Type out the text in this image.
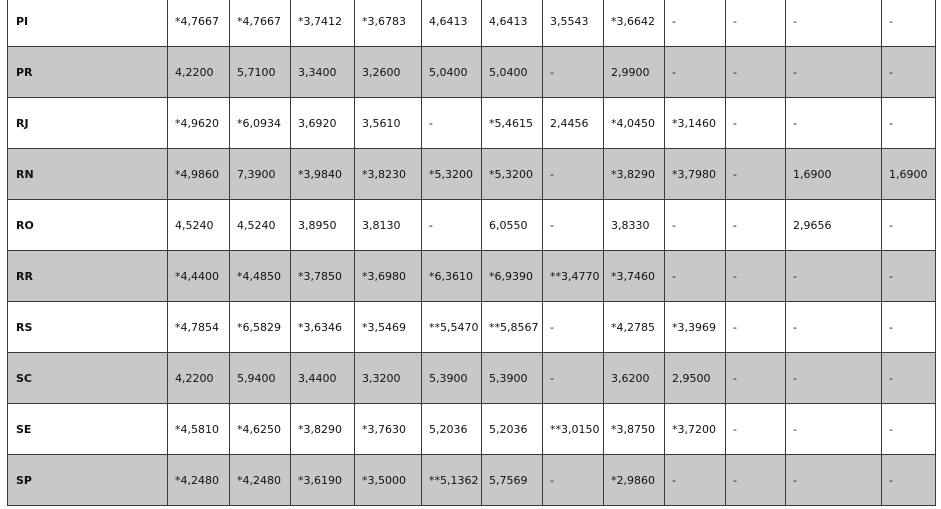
PI	*4,7667	*4,7667	*3,7412	*3,6783	4,6413	4,6413	3,5543	*3,6642	-	-	-	-
PR	4,2200	5,7100	3,3400	3,2600	5,0400	5,0400	-	2,9900	-	-	-	-
RJ	*4,9620	*6,0934	3,6920	3,5610	-	*5,4615	2,4456	*4,0450	*3,1460	-	-	-
RN	*4,9860	7,3900	*3,9840	*3,8230	*5,3200	*5,3200	-	*3,8290	*3,7980	-	1,6900	1,6900
RO	4,5240	4,5240	3,8950	3,8130	-	6,0550	-	3,8330	-	-	2,9656	-
RR	*4,4400	*4,4850	*3,7850	*3,6980	*6,3610	*6,9390	**3,4770	*3,7460	-	-	-	-
RS	*4,7854	*6,5829	*3,6346	*3,5469	**5,5470	**5,8567	-	*4,2785	*3,3969	-	-	-
SC	4,2200	5,9400	3,4400	3,3200	5,3900	5,3900	-	3,6200	2,9500	-	-	-
SE	*4,5810	*4,6250	*3,8290	*3,7630	5,2036	5,2036	**3,0150	*3,8750	*3,7200	-	-	-
SP	*4,2480	*4,2480	*3,6190	*3,5000	**5,1362	5,7569	-	*2,9860	-	-	-	-
